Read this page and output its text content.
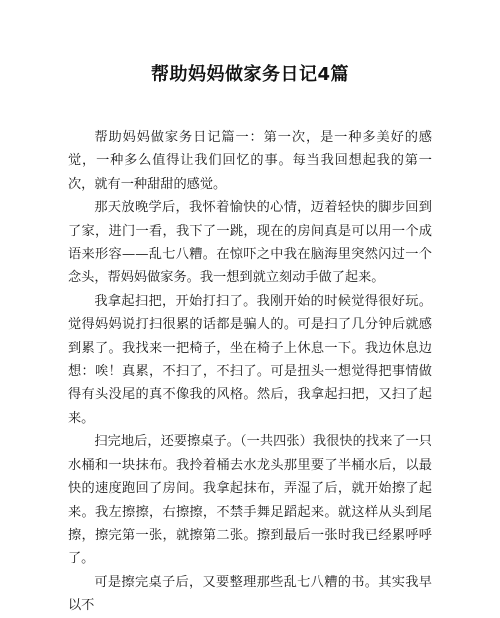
帮助妈妈做家务日记4篇

帮助妈妈做家务日记篇一：第一次，是一种多美好的感觉，一种多么值得让我们回忆的事。每当我回想起我的第一次，就有一种甜甜的感觉。

那天放晚学后，我怀着愉快的心情，迈着轻快的脚步回到了家，进门一看，我下了一跳，现在的房间真是可以用一个成语来形容——乱七八糟。在惊吓之中我在脑海里突然闪过一个念头，帮妈妈做家务。我一想到就立刻动手做了起来。

我拿起扫把，开始打扫了。我刚开始的时候觉得很好玩。觉得妈妈说打扫很累的话都是骗人的。可是扫了几分钟后就感到累了。我找来一把椅子，坐在椅子上休息一下。我边休息边想：唉！真累，不扫了，不扫了。可是扭头一想觉得把事情做得有头没尾的真不像我的风格。然后，我拿起扫把，又扫了起来。

扫完地后，还要擦桌子。（一共四张）我很快的找来了一只水桶和一块抹布。我拎着桶去水龙头那里要了半桶水后，以最快的速度跑回了房间。我拿起抹布，弄湿了后，就开始擦了起来。我左擦擦，右擦擦，不禁手舞足蹈起来。就这样从头到尾擦，擦完第一张，就擦第二张。擦到最后一张时我已经累呼呼了。

可是擦完桌子后，又要整理那些乱七八糟的书。其实我早以不
